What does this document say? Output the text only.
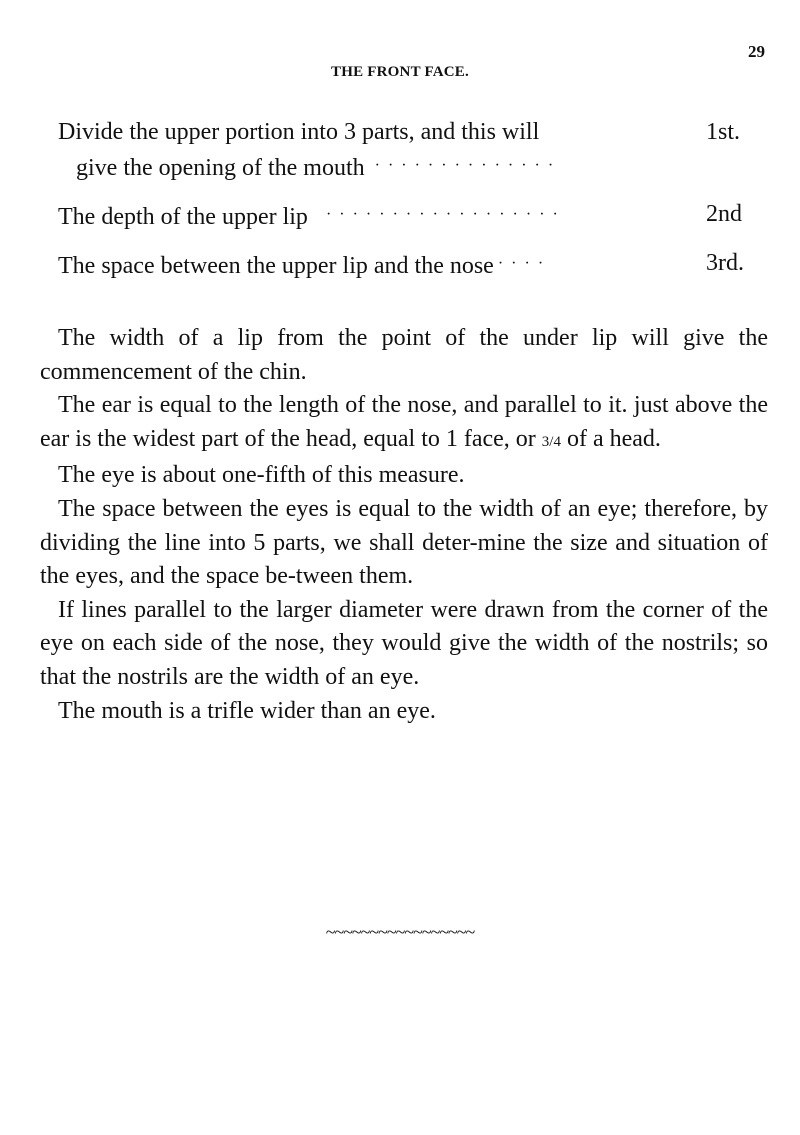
29
THE FRONT FACE.
Divide the upper portion into 3 parts, and this will
give the opening of the mouth · · · · · · · · · · · · · ·
1st.
The depth of the upper lip · · · · · · · · · · · · · · · · · ·	2nd
The space between the upper lip and the nose · · · ·	3rd.

The width of a lip from the point of the under lip will give the commencement of the chin.

The ear is equal to the length of the nose, and parallel to it. just above the ear is the widest part of the head, equal to 1 face, or 3/4 of a head.

The eye is about one-fifth of this measure.

The space between the eyes is equal to the width of an eye; therefore, by dividing the line into 5 parts, we shall deter-mine the size and situation of the eyes, and the space be-tween them.

If lines parallel to the larger diameter were drawn from the corner of the eye on each side of the nose, they would give the width of the nostrils; so that the nostrils are the width of an eye.

The mouth is a trifle wider than an eye.

~~~~~~~~~~~~~~~~~
